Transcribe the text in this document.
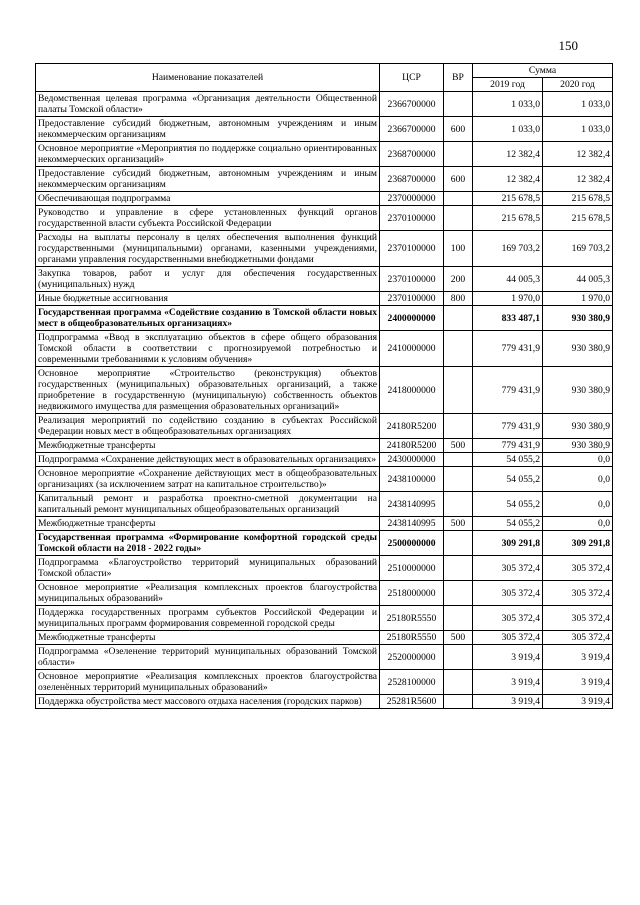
150
Наименование показателей	ЦСР	ВР	Сумма	
			2019 год	2020 год
Ведомственная целевая программа «Организация деятельности Общественной палаты Томской области»	2366700000		1 033,0	1 033,0
Предоставление субсидий бюджетным, автономным учреждениям и иным некоммерческим организациям	2366700000	600	1 033,0	1 033,0
Основное мероприятие «Мероприятия по поддержке социально ориентированных некоммерческих организаций»	2368700000		12 382,4	12 382,4
Предоставление субсидий бюджетным, автономным учреждениям и иным некоммерческим организациям	2368700000	600	12 382,4	12 382,4
Обеспечивающая подпрограмма	2370000000		215 678,5	215 678,5
Руководство и управление в сфере установленных функций органов государственной власти субъекта Российской Федерации	2370100000		215 678,5	215 678,5
Расходы на выплаты персоналу в целях обеспечения выполнения функций государственными (муниципальными) органами, казенными учреждениями, органами управления государственными внебюджетными фондами	2370100000	100	169 703,2	169 703,2
Закупка товаров, работ и услуг для обеспечения государственных (муниципальных) нужд	2370100000	200	44 005,3	44 005,3
Иные бюджетные ассигнования	2370100000	800	1 970,0	1 970,0
Государственная программа «Содействие созданию в Томской области новых мест в общеобразовательных организациях»	2400000000		833 487,1	930 380,9
Подпрограмма «Ввод в эксплуатацию объектов в сфере общего образования Томской области в соответствии с прогнозируемой потребностью и современными требованиями к условиям обучения»	2410000000		779 431,9	930 380,9
Основное мероприятие «Строительство (реконструкция) объектов государственных (муниципальных) образовательных организаций, а также приобретение в государственную (муниципальную) собственность объектов недвижимого имущества для размещения образовательных организаций»	2418000000		779 431,9	930 380,9
Реализация мероприятий по содействию созданию в субъектах Российской Федерации новых мест в общеобразовательных организациях	24180R5200		779 431,9	930 380,9
Межбюджетные трансферты	24180R5200	500	779 431,9	930 380,9
Подпрограмма «Сохранение действующих мест в образовательных организациях»	2430000000		54 055,2	0,0
Основное мероприятие «Сохранение действующих мест в общеобразовательных организациях (за исключением затрат на капитальное строительство)»	2438100000		54 055,2	0,0
Капитальный ремонт и разработка проектно-сметной документации на капитальный ремонт муниципальных общеобразовательных организаций	2438140995		54 055,2	0,0
Межбюджетные трансферты	2438140995	500	54 055,2	0,0
Государственная программа «Формирование комфортной городской среды Томской области на 2018 - 2022 годы»	2500000000		309 291,8	309 291,8
Подпрограмма «Благоустройство территорий муниципальных образований Томской области»	2510000000		305 372,4	305 372,4
Основное мероприятие «Реализация комплексных проектов благоустройства муниципальных образований»	2518000000		305 372,4	305 372,4
Поддержка государственных программ субъектов Российской Федерации и муниципальных программ формирования современной городской среды	25180R5550		305 372,4	305 372,4
Межбюджетные трансферты	25180R5550	500	305 372,4	305 372,4
Подпрограмма «Озеленение территорий муниципальных образований Томской области»	2520000000		3 919,4	3 919,4
Основное мероприятие «Реализация комплексных проектов благоустройства озеленённых территорий муниципальных образований»	2528100000		3 919,4	3 919,4
Поддержка обустройства мест массового отдыха населения (городских парков)	25281R5600		3 919,4	3 919,4
